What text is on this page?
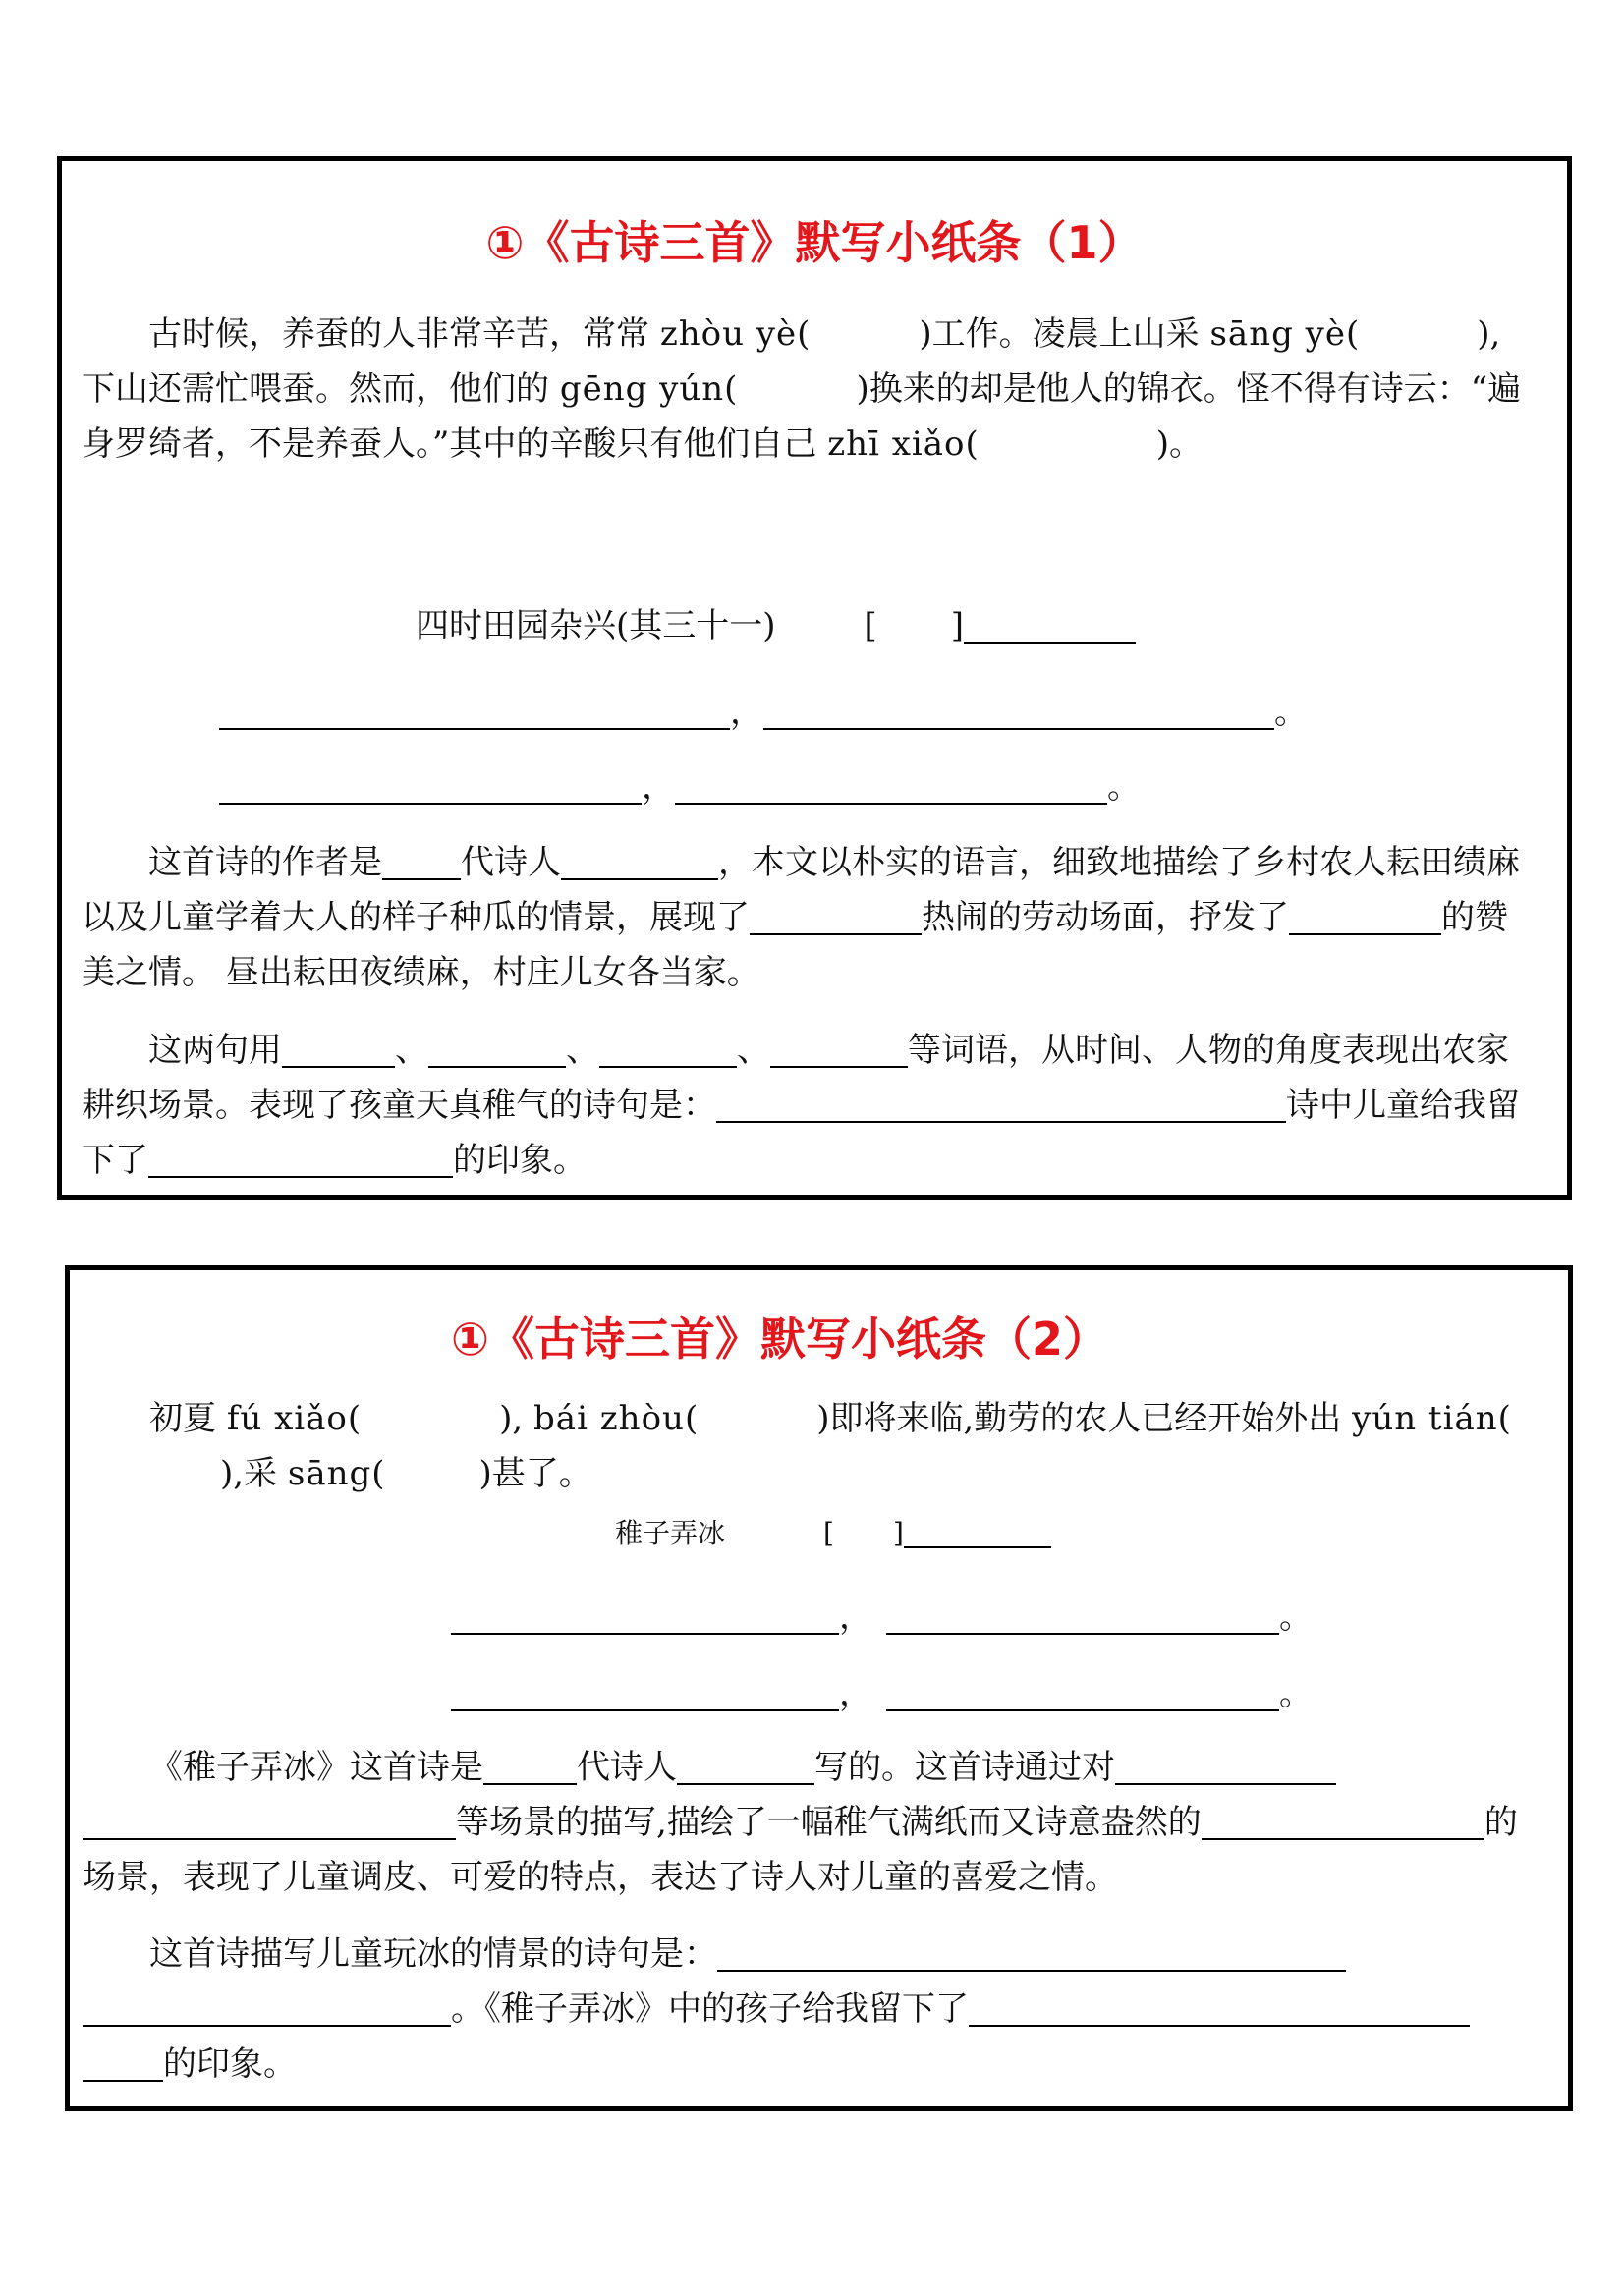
①《古诗三首》默写小纸条（1）
古时候，养蚕的人非常辛苦，常常 zhòu yè(	)工作。凌晨上山采 sāng yè(	),下山还需忙喂蚕。然而，他们的 gēng yún(	)换来的却是他人的锦衣。怪不得有诗云：“遍身罗绮者，不是养蚕人。”其中的辛酸只有他们自己 zhī xiǎo(	)。
四时田园杂兴(其三十一)	[ ]
，	。
，	。
这首诗的作者是 代诗人	，本文以朴实的语言，细致地描绘了乡村农人耘田绩麻以及儿童学着大人的样子种瓜的情景，展现了	热闹的劳动场面，抒发了	的赞美之情。 昼出耘田夜绩麻，村庄儿女各当家。
这两句用	、	、	、	等词语，从时间、人物的角度表现出农家耕织场景。表现了孩童天真稚气的诗句是：	诗中儿童给我留下了	的印象。
①《古诗三首》默写小纸条（2）
初夏 fú xiǎo(	), bái zhòu(	)即将来临,勤劳的农人已经开始外出 yún tián(),采 sāng(	)甚了。
稚子弄冰	[ ]
，	。
，	。
《稚子弄冰》这首诗是	代诗人	写的。这首诗通过对等场景的描写,描绘了一幅稚气满纸而又诗意盎然的	的场景，表现了儿童调皮、可爱的特点，表达了诗人对儿童的喜爱之情。
这首诗描写儿童玩冰的情景的诗句是：。《稚子弄冰》中的孩子给我留下了的印象。
